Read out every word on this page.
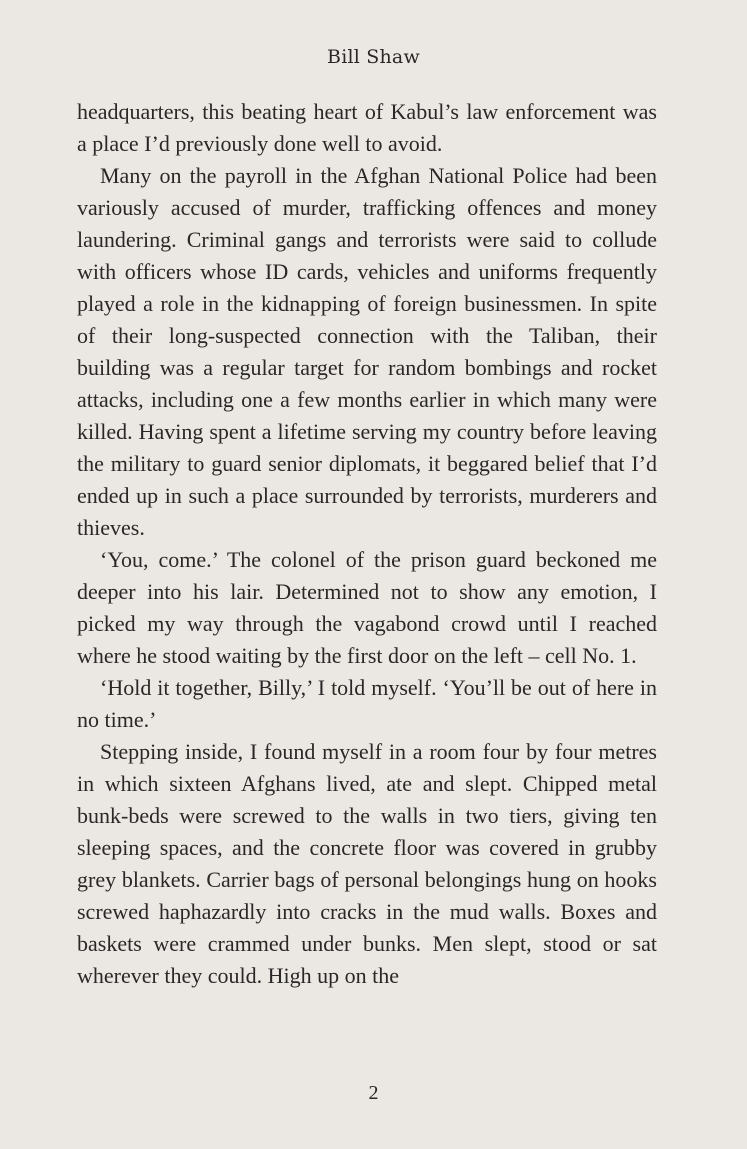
Bill Shaw

headquarters, this beating heart of Kabul’s law enforcement was a place I’d previously done well to avoid.

Many on the payroll in the Afghan National Police had been variously accused of murder, trafficking offences and money laundering. Criminal gangs and terrorists were said to collude with officers whose ID cards, vehicles and uniforms frequently played a role in the kidnapping of foreign businessmen. In spite of their long-suspected connection with the Taliban, their building was a regular target for random bombings and rocket attacks, including one a few months earlier in which many were killed. Having spent a lifetime serving my country before leaving the military to guard senior diplomats, it beggared belief that I’d ended up in such a place surrounded by terrorists, murderers and thieves.

‘You, come.’ The colonel of the prison guard beckoned me deeper into his lair. Determined not to show any emotion, I picked my way through the vagabond crowd until I reached where he stood waiting by the first door on the left – cell No. 1.

‘Hold it together, Billy,’ I told myself. ‘You’ll be out of here in no time.’

Stepping inside, I found myself in a room four by four metres in which sixteen Afghans lived, ate and slept. Chipped metal bunk-beds were screwed to the walls in two tiers, giving ten sleeping spaces, and the concrete floor was covered in grubby grey blankets. Carrier bags of personal belongings hung on hooks screwed haphazardly into cracks in the mud walls. Boxes and baskets were crammed under bunks. Men slept, stood or sat wherever they could. High up on the

2
